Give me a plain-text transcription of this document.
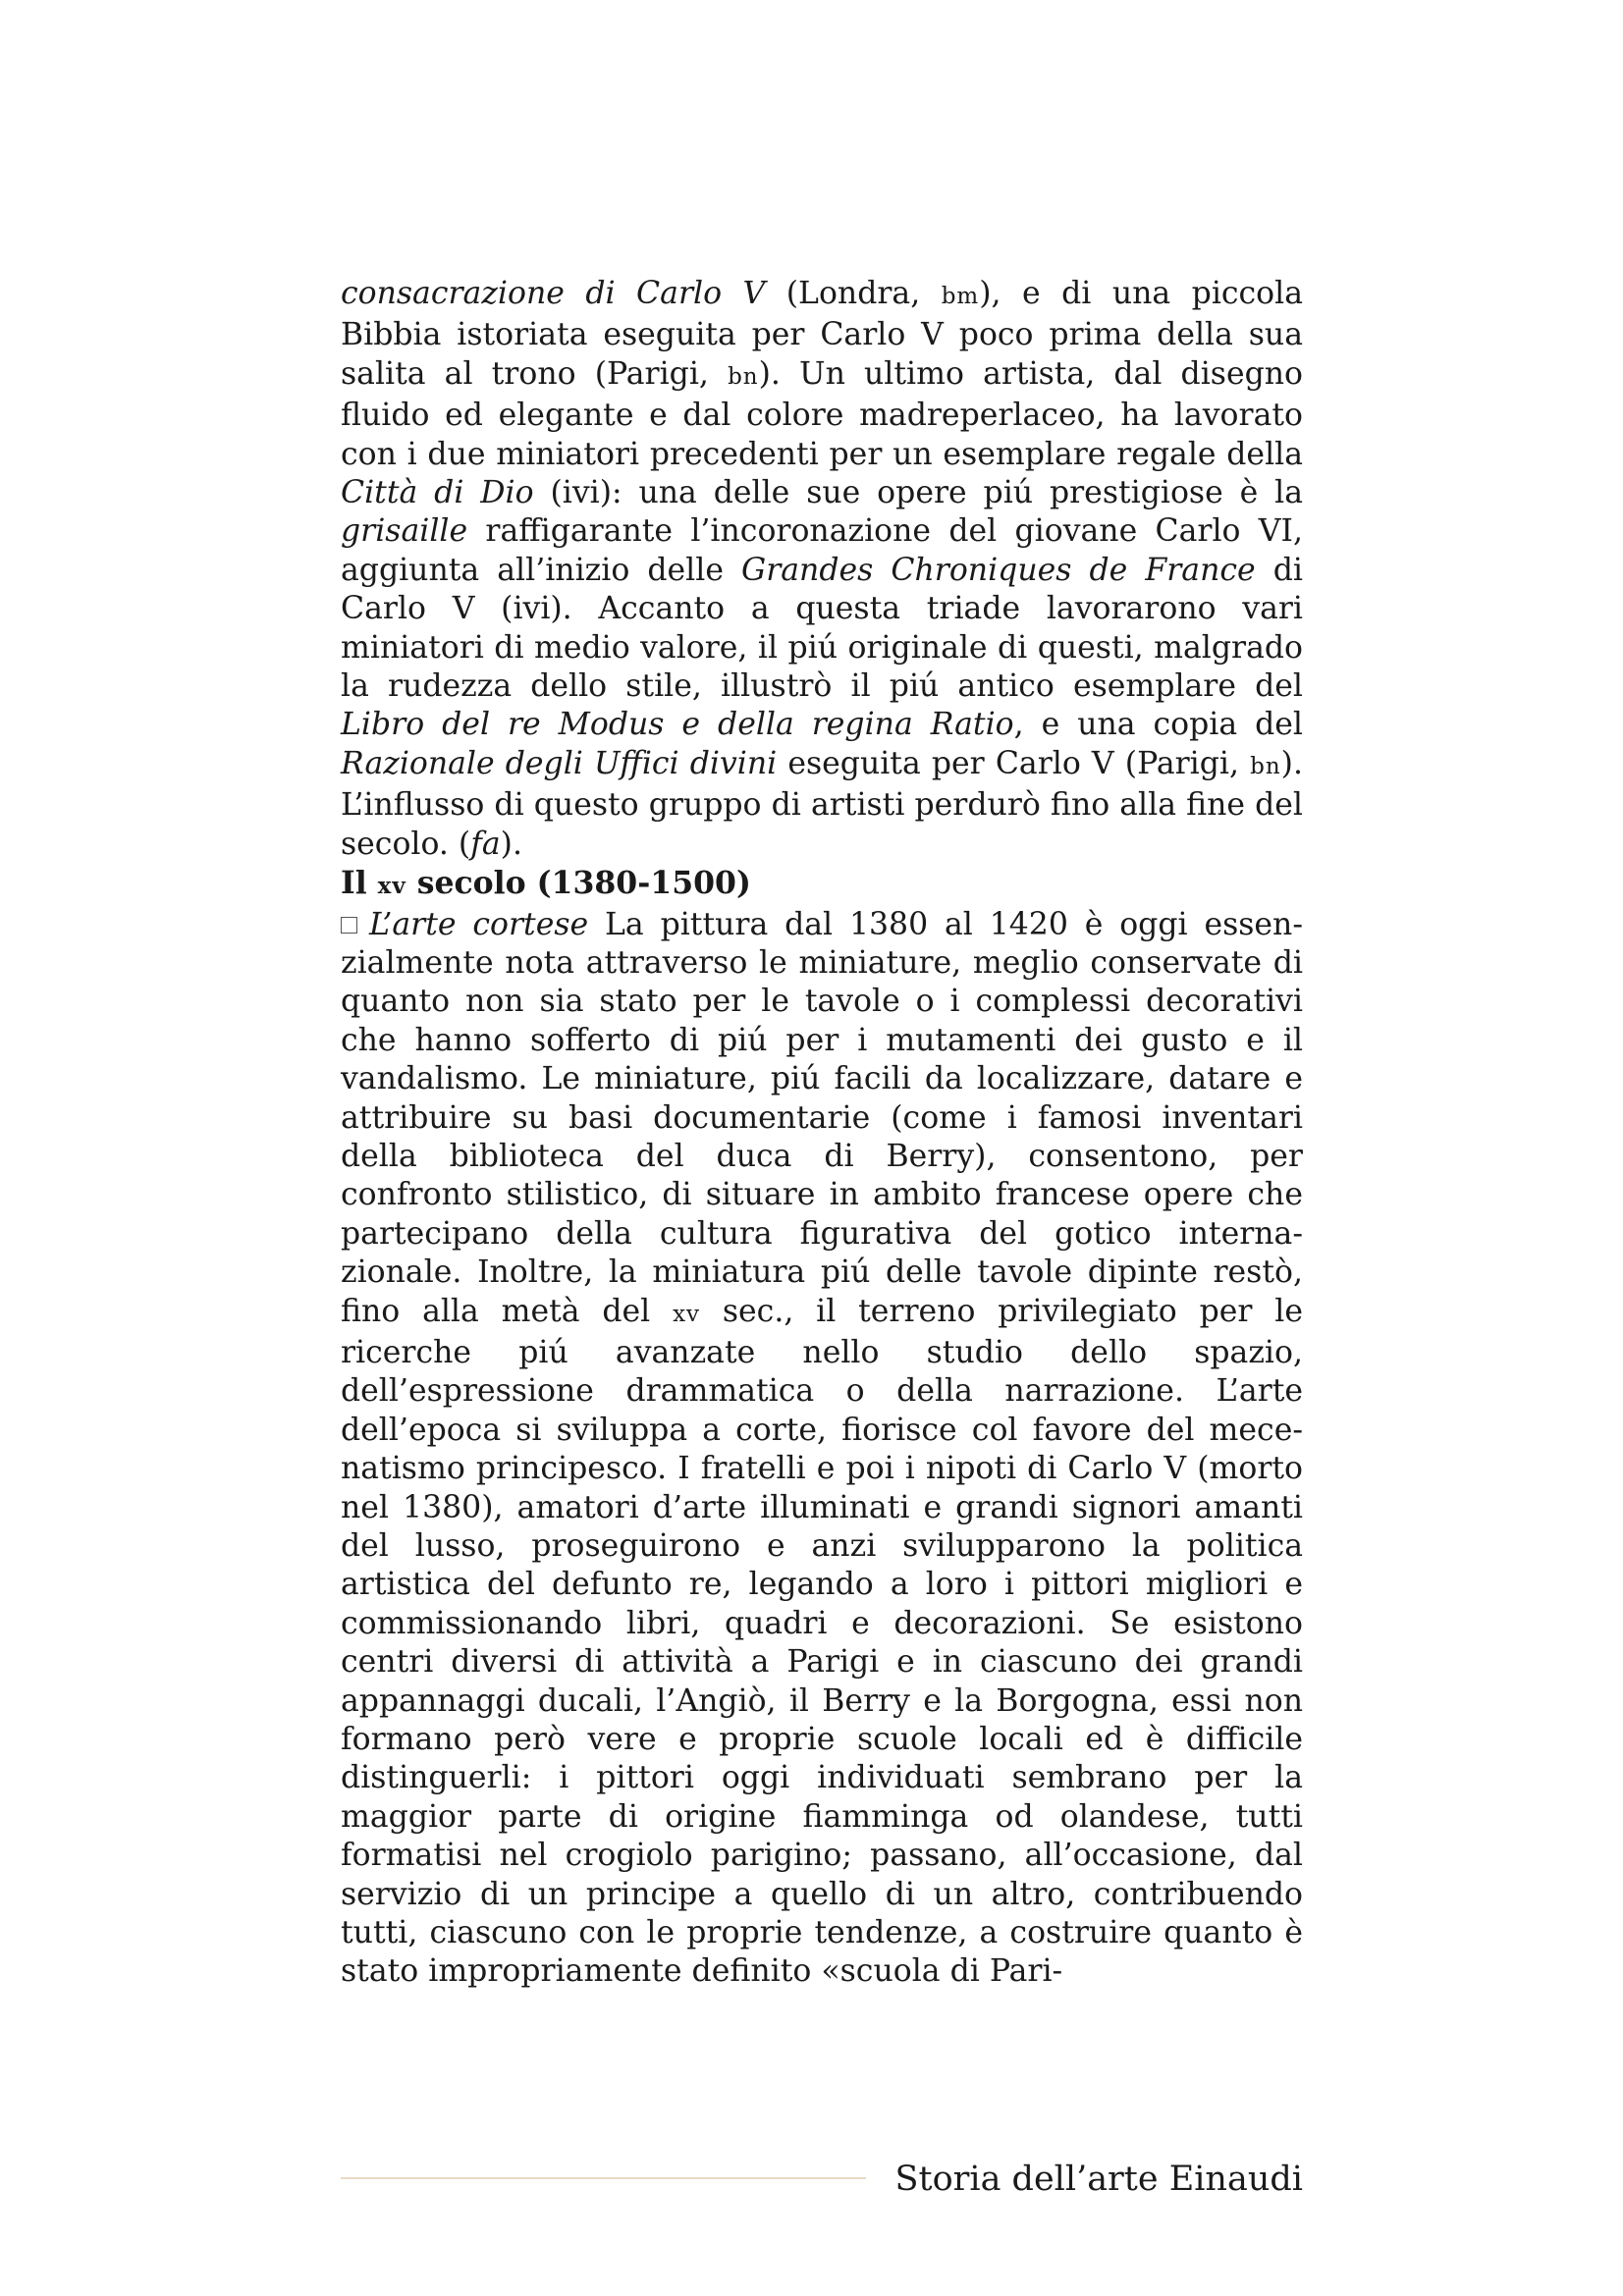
consacrazione di Carlo V (Londra, bm), e di una piccola Bibbia istoriata eseguita per Carlo V poco prima della sua salita al trono (Parigi, bn). Un ultimo artista, dal disegno fluido ed elegante e dal colore madreperlaceo, ha lavorato con i due miniatori precedenti per un esemplare regale della Città di Dio (ivi): una delle sue opere piú prestigiose è la grisaille raffigarante l’incoronazione del giovane Carlo VI, aggiunta all’inizio delle Grandes Chroniques de France di Carlo V (ivi). Accanto a questa triade lavorarono vari miniatori di medio valore, il piú originale di questi, malgrado la rudezza dello stile, illustrò il piú antico esemplare del Libro del re Modus e della regina Ratio, e una copia del Razionale degli Uffici divini eseguita per Carlo V (Parigi, bn). L’influsso di questo gruppo di artisti perdurò fino alla fine del secolo. (fa).

Il xv secolo (1380-1500)

L’arte cortese La pittura dal 1380 al 1420 è oggi essenzialmente nota attraverso le miniature, meglio conservate di quanto non sia stato per le tavole o i complessi decorativi che hanno sofferto di piú per i mutamenti dei gusto e il vandalismo. Le miniature, piú facili da localizzare, datare e attribuire su basi documentarie (come i famosi inventari della biblioteca del duca di Berry), consentono, per confronto stilistico, di situare in ambito francese opere che partecipano della cultura figurativa del gotico internazionale. Inoltre, la miniatura piú delle tavole dipinte restò, fino alla metà del xv sec., il terreno privilegiato per le ricerche piú avanzate nello studio dello spazio, dell’espressione drammatica o della narrazione. L’arte dell’epoca si sviluppa a corte, fiorisce col favore del mecenatismo principesco. I fratelli e poi i nipoti di Carlo V (morto nel 1380), amatori d’arte illuminati e grandi signori amanti del lusso, proseguirono e anzi svilupparono la politica artistica del defunto re, legando a loro i pittori migliori e commissionando libri, quadri e decorazioni. Se esistono centri diversi di attività a Parigi e in ciascuno dei grandi appannaggi ducali, l’Angiò, il Berry e la Borgogna, essi non formano però vere e proprie scuole locali ed è difficile distinguerli: i pittori oggi individuati sembrano per la maggior parte di origine fiamminga od olandese, tutti formatisi nel crogiolo parigino; passano, all’occasione, dal servizio di un principe a quello di un altro, contribuendo tutti, ciascuno con le proprie tendenze, a costruire quanto è stato impropriamente definito «scuola di Pari-

Storia dell’arte Einaudi
